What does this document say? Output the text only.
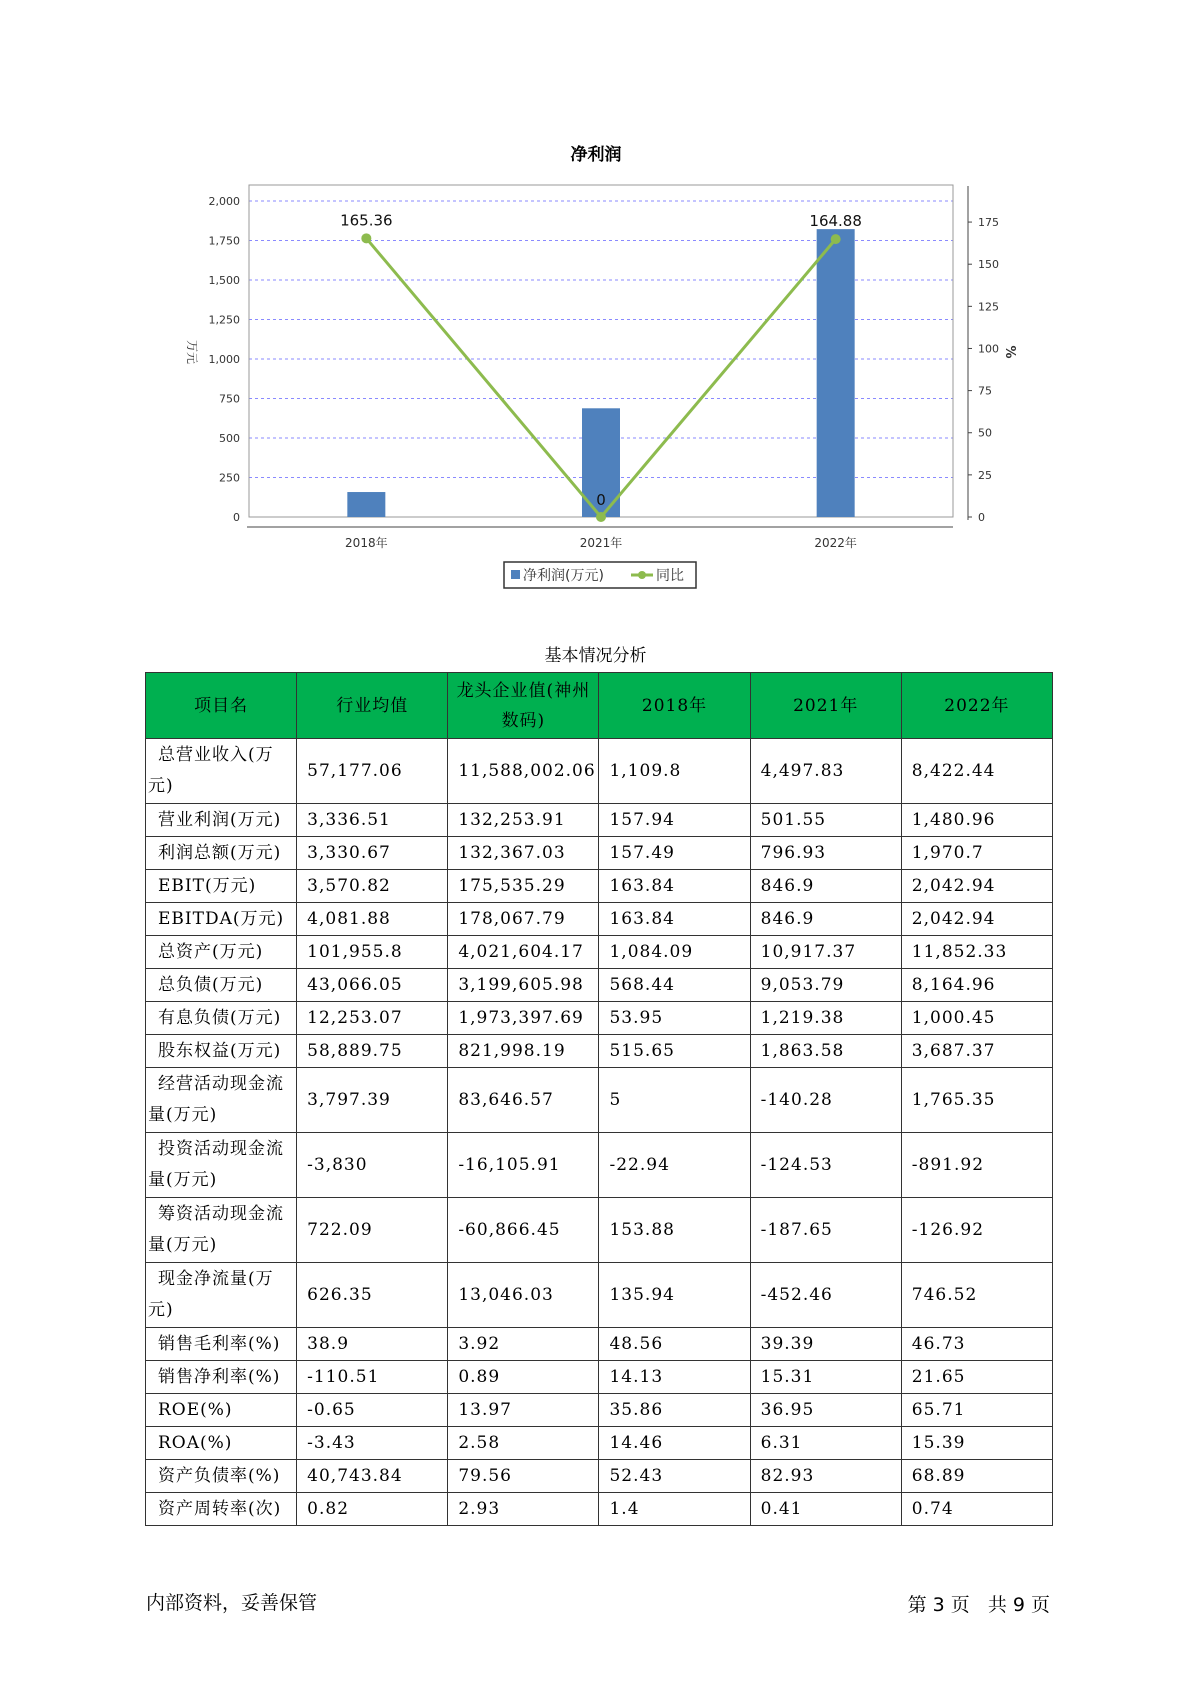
净利润
0
250
500
750
1,000
1,250
1,500
1,750
2,000
0
25
50
75
100
125
150
175
万元	%
2018年	2021年	2022年
165.36
0
164.88
净利润(万元)	同比
基本情况分析
项目名	行业均值	龙头企业值(神州数码)	2018年	2021年	2022年
总营业收入(万元)	57,177.06	11,588,002.06	1,109.8	4,497.83	8,422.44
营业利润(万元)	3,336.51	132,253.91	157.94	501.55	1,480.96
利润总额(万元)	3,330.67	132,367.03	157.49	796.93	1,970.7
EBIT(万元)	3,570.82	175,535.29	163.84	846.9	2,042.94
EBITDA(万元)	4,081.88	178,067.79	163.84	846.9	2,042.94
总资产(万元)	101,955.8	4,021,604.17	1,084.09	10,917.37	11,852.33
总负债(万元)	43,066.05	3,199,605.98	568.44	9,053.79	8,164.96
有息负债(万元)	12,253.07	1,973,397.69	53.95	1,219.38	1,000.45
股东权益(万元)	58,889.75	821,998.19	515.65	1,863.58	3,687.37
经营活动现金流量(万元)	3,797.39	83,646.57	5	-140.28	1,765.35
投资活动现金流量(万元)	-3,830	-16,105.91	-22.94	-124.53	-891.92
筹资活动现金流量(万元)	722.09	-60,866.45	153.88	-187.65	-126.92
现金净流量(万元)	626.35	13,046.03	135.94	-452.46	746.52
销售毛利率(%)	38.9	3.92	48.56	39.39	46.73
销售净利率(%)	-110.51	0.89	14.13	15.31	21.65
ROE(%)	-0.65	13.97	35.86	36.95	65.71
ROA(%)	-3.43	2.58	14.46	6.31	15.39
资产负债率(%)	40,743.84	79.56	52.43	82.93	68.89
资产周转率(次)	0.82	2.93	1.4	0.41	0.74
内部资料，妥善保管	第 3 页 共 9 页
